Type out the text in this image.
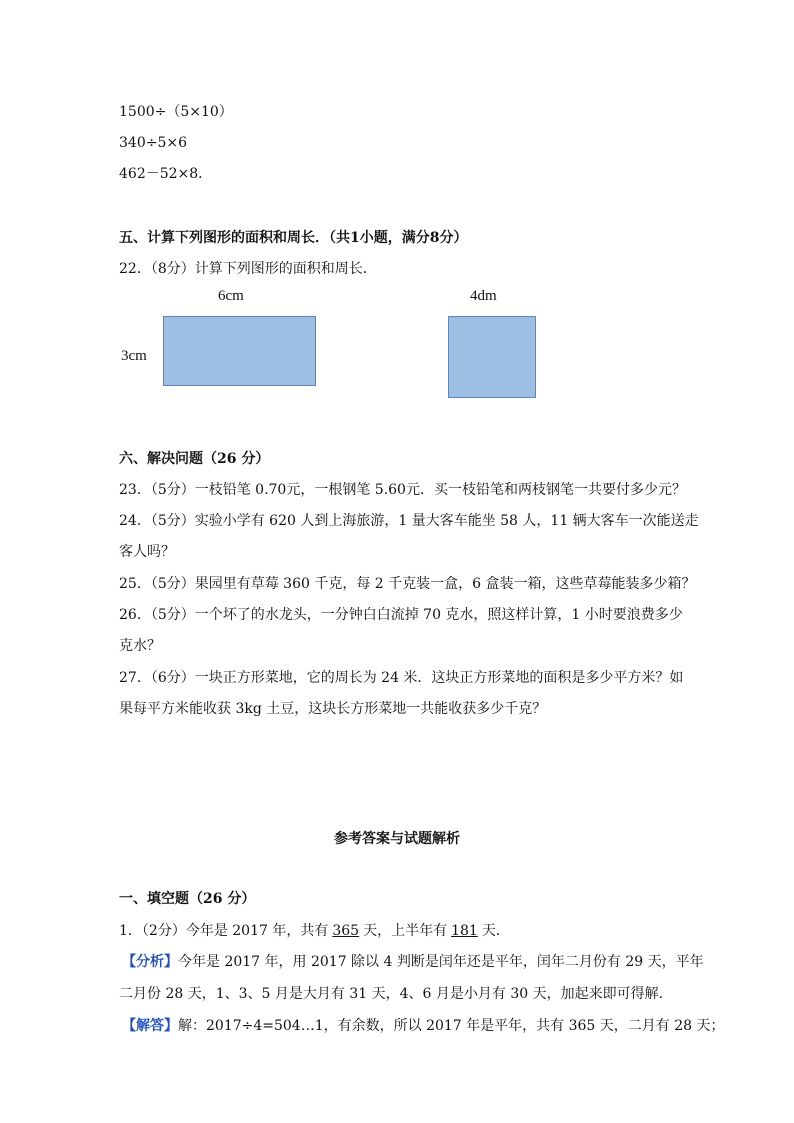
1500÷（5×10）
340÷5×6
462－52×8．
五、计算下列图形的面积和周长．（共1小题，满分8分）
22．（8分）计算下列图形的面积和周长．
6cm
3cm
4dm
六、解决问题（26 分）
23．（5分）一枝铅笔 0.70元，一根钢笔 5.60元．买一枝铅笔和两枝钢笔一共要付多少元？
24．（5分）实验小学有 620 人到上海旅游，1 量大客车能坐 58 人，11 辆大客车一次能送走
客人吗？
25．（5分）果园里有草莓 360 千克，每 2 千克装一盒，6 盒装一箱，这些草莓能装多少箱？
26．（5分）一个坏了的水龙头，一分钟白白流掉 70 克水，照这样计算，1 小时要浪费多少
克水？
27．（6分）一块正方形菜地，它的周长为 24 米．这块正方形菜地的面积是多少平方米？如
果每平方米能收获 3kg 土豆，这块长方形菜地一共能收获多少千克？
参考答案与试题解析
一、填空题（26 分）
1．（2分）今年是 2017 年，共有 365 天，上半年有 181 天．
【分析】今年是 2017 年，用 2017 除以 4 判断是闰年还是平年，闰年二月份有 29 天，平年
二月份 28 天，1、3、5 月是大月有 31 天，4、6 月是小月有 30 天，加起来即可得解．
【解答】解：2017÷4=504…1，有余数，所以 2017 年是平年，共有 365 天，二月有 28 天；
